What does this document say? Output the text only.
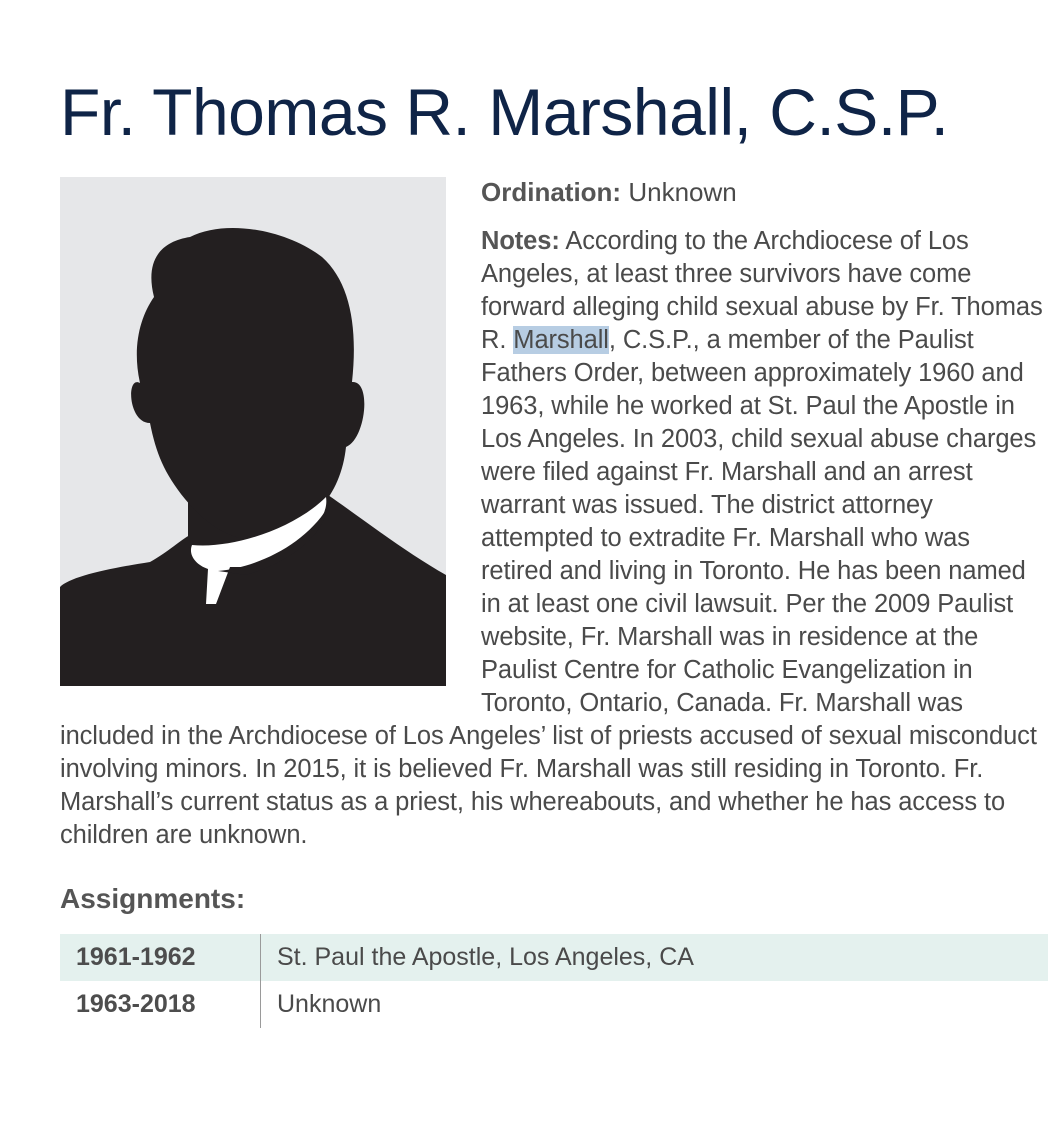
Fr. Thomas R. Marshall, C.S.P.

Ordination: Unknown

Notes: According to the Archdiocese of Los Angeles, at least three survivors have come forward alleging child sexual abuse by Fr. Thomas R. Marshall, C.S.P., a member of the Paulist Fathers Order, between approximately 1960 and 1963, while he worked at St. Paul the Apostle in Los Angeles. In 2003, child sexual abuse charges were filed against Fr. Marshall and an arrest warrant was issued. The district attorney attempted to extradite Fr. Marshall who was retired and living in Toronto. He has been named in at least one civil lawsuit. Per the 2009 Paulist website, Fr. Marshall was in residence at the Paulist Centre for Catholic Evangelization in Toronto, Ontario, Canada. Fr. Marshall was included in the Archdiocese of Los Angeles’ list of priests accused of sexual misconduct involving minors. In 2015, it is believed Fr. Marshall was still residing in Toronto. Fr. Marshall’s current status as a priest, his whereabouts, and whether he has access to children are unknown.

Assignments:
1961-1962	St. Paul the Apostle, Los Angeles, CA
1963-2018	Unknown
